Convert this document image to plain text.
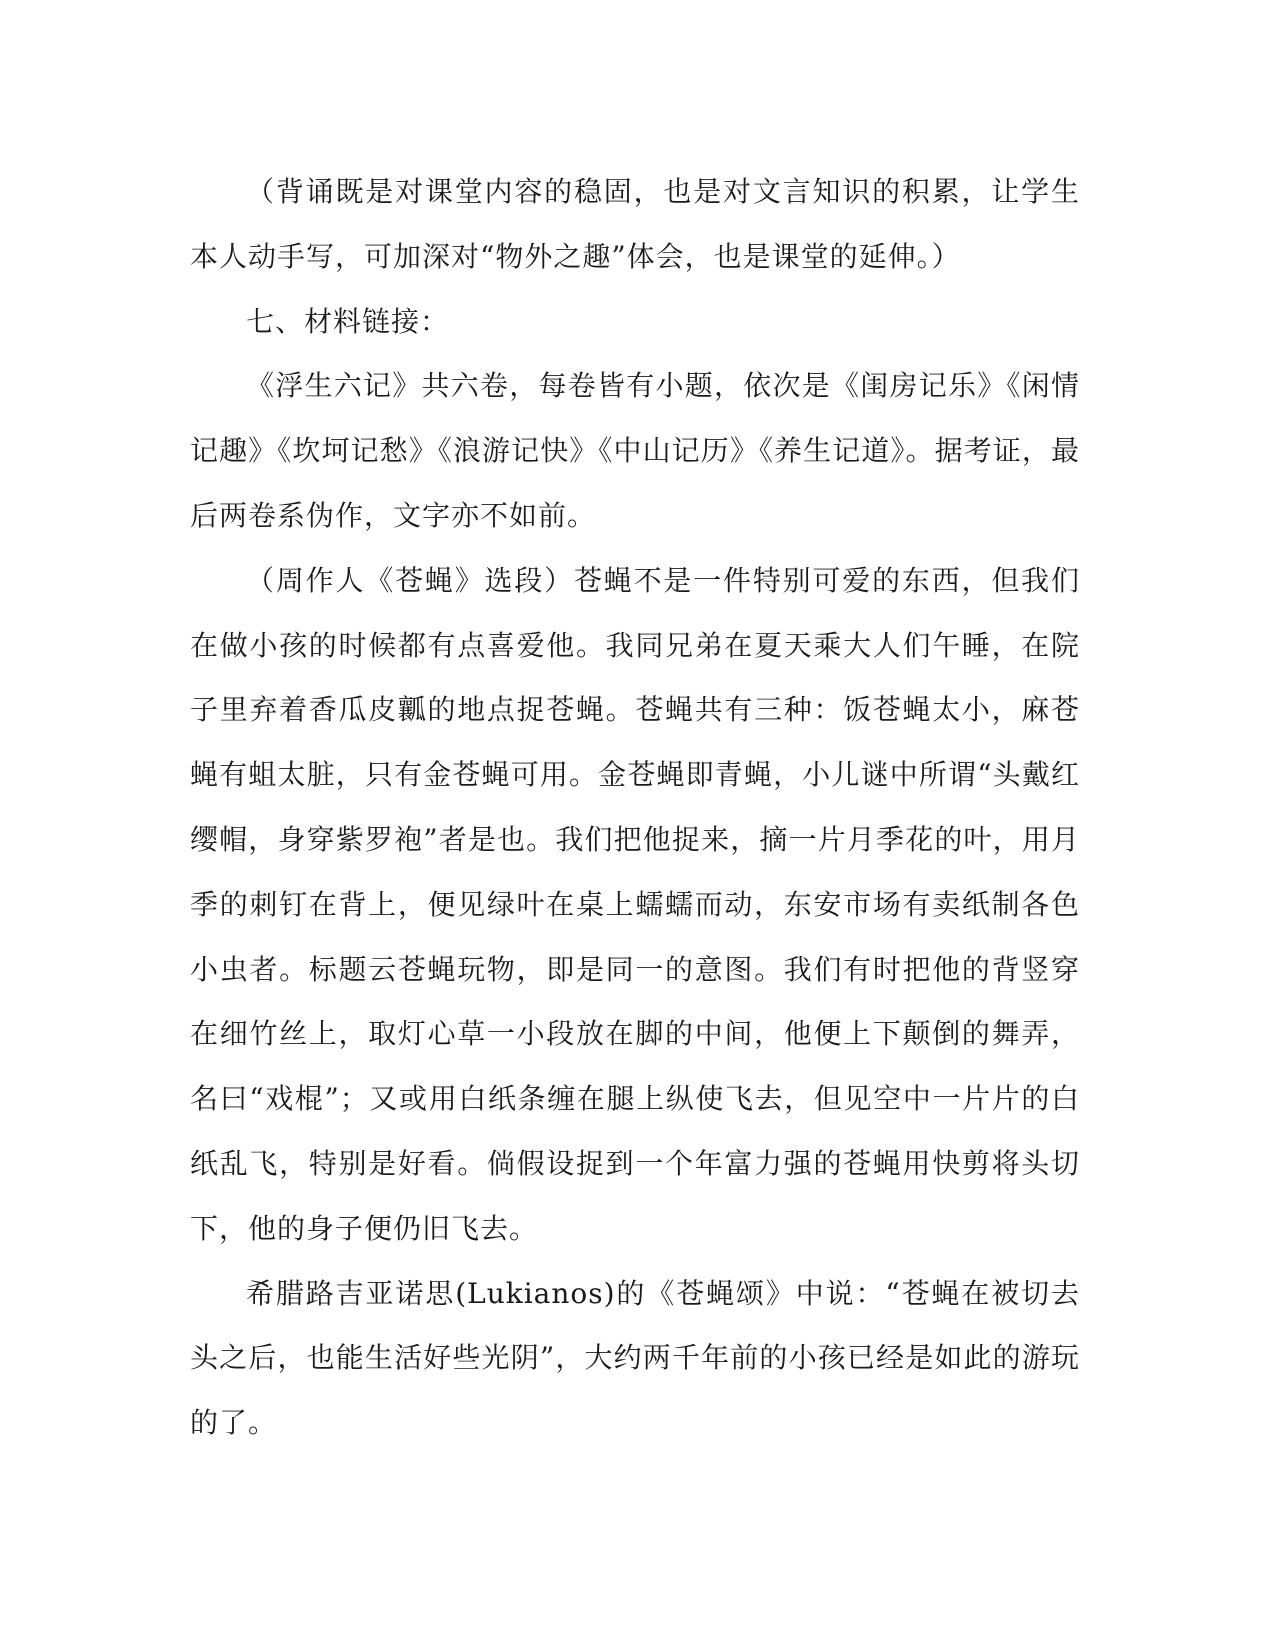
（背诵既是对课堂内容的稳固，也是对文言知识的积累，让学生本人动手写，可加深对“物外之趣”体会，也是课堂的延伸。）

七、材料链接：

《浮生六记》共六卷，每卷皆有小题，依次是《闺房记乐》《闲情记趣》《坎坷记愁》《浪游记快》《中山记历》《养生记道》。据考证，最后两卷系伪作，文字亦不如前。

（周作人《苍蝇》选段）苍蝇不是一件特别可爱的东西，但我们在做小孩的时候都有点喜爱他。我同兄弟在夏天乘大人们午睡，在院子里弃着香瓜皮瓤的地点捉苍蝇。苍蝇共有三种：饭苍蝇太小，麻苍蝇有蛆太脏，只有金苍蝇可用。金苍蝇即青蝇，小儿谜中所谓“头戴红缨帽，身穿紫罗袍”者是也。我们把他捉来，摘一片月季花的叶，用月季的刺钉在背上，便见绿叶在桌上蠕蠕而动，东安市场有卖纸制各色小虫者。标题云苍蝇玩物，即是同一的意图。我们有时把他的背竖穿在细竹丝上，取灯心草一小段放在脚的中间，他便上下颠倒的舞弄，名曰“戏棍”；又或用白纸条缠在腿上纵使飞去，但见空中一片片的白纸乱飞，特别是好看。倘假设捉到一个年富力强的苍蝇用快剪将头切下，他的身子便仍旧飞去。

希腊路吉亚诺思(Lukianos)的《苍蝇颂》中说：“苍蝇在被切去头之后，也能生活好些光阴”，大约两千年前的小孩已经是如此的游玩的了。
